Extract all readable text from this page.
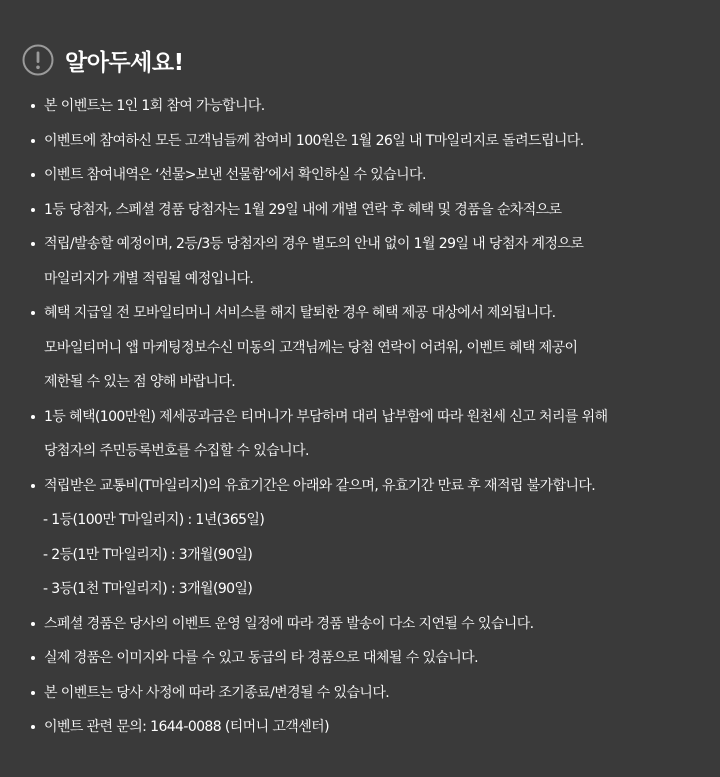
알아두세요!
본 이벤트는 1인 1회 참여 가능합니다.
이벤트에 참여하신 모든 고객님들께 참여비 100원은 1월 26일 내 T마일리지로 돌려드립니다.
이벤트 참여내역은 ‘선물>보낸 선물함’에서 확인하실 수 있습니다.
1등 당첨자, 스페셜 경품 당첨자는 1월 29일 내에 개별 연락 후 혜택 및 경품을 순차적으로
적립/발송할 예정이며, 2등/3등 당첨자의 경우 별도의 안내 없이 1월 29일 내 당첨자 계정으로
마일리지가 개별 적립될 예정입니다.
혜택 지급일 전 모바일티머니 서비스를 해지 탈퇴한 경우 혜택 제공 대상에서 제외됩니다.
모바일티머니 앱 마케팅정보수신 미동의 고객님께는 당첨 연락이 어려워, 이벤트 혜택 제공이
제한될 수 있는 점 양해 바랍니다.
1등 혜택(100만원) 제세공과금은 티머니가 부담하며 대리 납부함에 따라 원천세 신고 처리를 위해
당첨자의 주민등록번호를 수집할 수 있습니다.
적립받은 교통비(T마일리지)의 유효기간은 아래와 같으며, 유효기간 만료 후 재적립 불가합니다.
- 1등(100만 T마일리지) : 1년(365일)
- 2등(1만 T마일리지) : 3개월(90일)
- 3등(1천 T마일리지) : 3개월(90일)
스페셜 경품은 당사의 이벤트 운영 일정에 따라 경품 발송이 다소 지연될 수 있습니다.
실제 경품은 이미지와 다를 수 있고 동급의 타 경품으로 대체될 수 있습니다.
본 이벤트는 당사 사정에 따라 조기종료/변경될 수 있습니다.
이벤트 관련 문의: 1644-0088 (티머니 고객센터)
